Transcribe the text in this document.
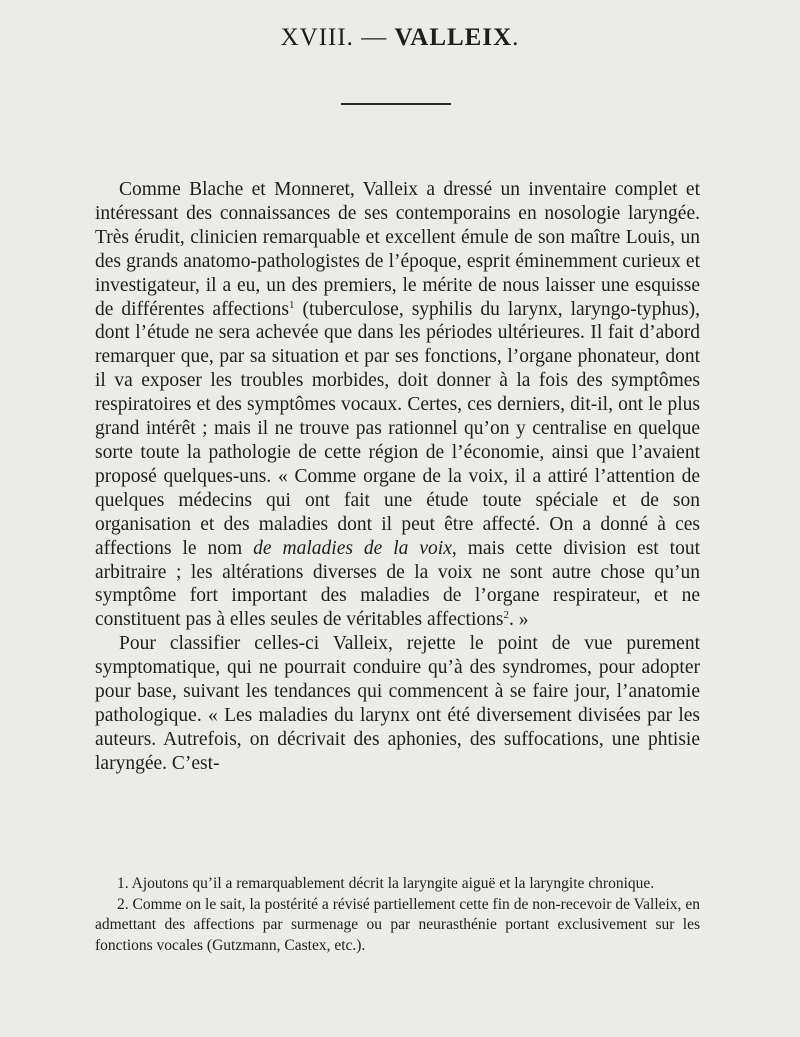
XVIII. — VALLEIX.

Comme Blache et Monneret, Valleix a dressé un inventaire complet et intéressant des connaissances de ses contemporains en nosologie laryngée. Très érudit, clinicien remarquable et excellent émule de son maître Louis, un des grands anatomo-pathologistes de l’époque, esprit éminemment curieux et investigateur, il a eu, un des premiers, le mérite de nous laisser une esquisse de différentes affections$^1$ (tuberculose, syphilis du larynx, laryngo-typhus), dont l’étude ne sera achevée que dans les périodes ultérieures. Il fait d’abord remarquer que, par sa situation et par ses fonctions, l’organe phonateur, dont il va exposer les troubles morbides, doit donner à la fois des symptômes respiratoires et des symptômes vocaux. Certes, ces derniers, dit-il, ont le plus grand intérêt ; mais il ne trouve pas rationnel qu’on y centralise en quelque sorte toute la pathologie de cette région de l’économie, ainsi que l’avaient proposé quelques-uns. « Comme organe de la voix, il a attiré l’attention de quelques médecins qui ont fait une étude toute spéciale et de son organisation et des maladies dont il peut être affecté. On a donné à ces affections le nom de maladies de la voix, mais cette division est tout arbitraire ; les altérations diverses de la voix ne sont autre chose qu’un symptôme fort important des maladies de l’organe respirateur, et ne constituent pas à elles seules de véritables affections$^2$. »

Pour classifier celles-ci Valleix, rejette le point de vue purement symptomatique, qui ne pourrait conduire qu’à des syndromes, pour adopter pour base, suivant les tendances qui commencent à se faire jour, l’anatomie pathologique. « Les maladies du larynx ont été diversement divisées par les auteurs. Autrefois, on décrivait des aphonies, des suffocations, une phtisie laryngée. C’est-

1. Ajoutons qu’il a remarquablement décrit la laryngite aiguë et la laryngite chronique.

2. Comme on le sait, la postérité a révisé partiellement cette fin de non-recevoir de Valleix, en admettant des affections par surmenage ou par neurasthénie portant exclusivement sur les fonctions vocales (Gutzmann, Castex, etc.).
